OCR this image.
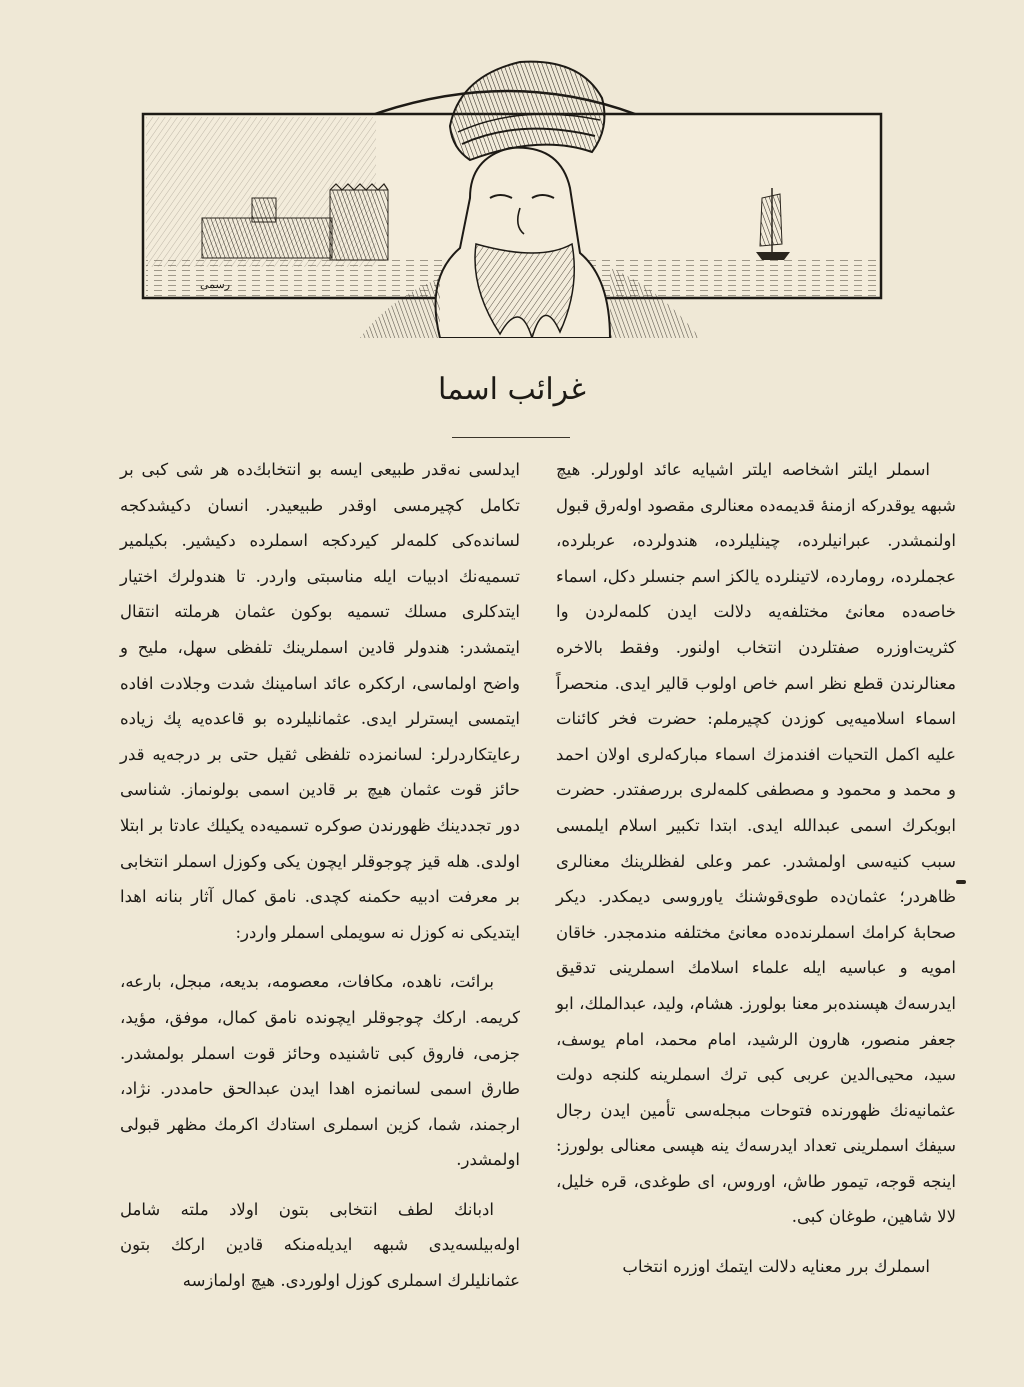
رسمی
غرائب اسما

اسملر ایلتر اشخاصه ایلتر اشیایه عائد اولورلر. هیچ شبهه یوقدرکه ازمنهٔ قدیمه‌ده معنالری مقصود اوله‌رق قبول اولنمشدر. عبرانیلرده، چینلیلرده، هندولرده، عربلرده، عجملرده، رومارده، لاتینلرده یالکز اسم جنسلر دکل، اسماء خاصه‌ده معانئ مختلفه‌یه دلالت ایدن کلمه‌لردن وا کثریت‌اوزره صفتلردن انتخاب اولنور. وفقط بالاخره معنالرندن قطع نظر اسم خاص اولوب قالیر ایدی. منحصراً اسماء اسلامیه‌یی کوزدن کچیرملم: حضرت فخر کائنات علیه اکمل التحیات افندمزك اسماء مبارکه‌لری اولان احمد و محمد و محمود و مصطفی کلمه‌لری بررصفتدر. حضرت ابوبکرك اسمی عبدالله ایدی. ابتدا تکبیر اسلام ایلمسی سبب کنیه‌سی اولمشدر. عمر وعلی لفظلرینك معنالری ظاهردر؛ عثمان‌ده طوی‌قوشنك یاوروسی دیمکدر. دیکر صحابهٔ کرامك اسملرنده‌ده معانئ مختلفه مندمجدر. خاقان امویه و عباسیه ایله علماء اسلامك اسملرینی تدقیق ایدرسه‌ك هپسنده‌بر معنا بولورز. هشام، ولید، عبدالملك، ابو جعفر منصور، هارون الرشید، امام محمد، امام یوسف، سید، محیی‌الدین عربی کبی ترك اسملرینه کلنجه دولت عثمانیه‌نك ظهورنده فتوحات مبجله‌سی تأمین ایدن رجال سیفك اسملرینی تعداد ایدرسه‌ك ینه هپسی معنالی بولورز: اینجه قوجه، تیمور طاش، اوروس، ای طوغدی، قره خلیل، لالا شاهین، طوغان کبی.

اسملرك برر معنایه دلالت ایتمك اوزره انتخاب

ایدلسی نه‌قدر طبیعی ایسه بو انتخابك‌ده هر شی کبی بر تکامل کچیرمسی اوقدر طبیعیدر. انسان دکیشدکجه لسانده‌کی کلمه‌لر کیردکجه اسملرده دکیشیر. بکیلمیر تسمیه‌نك ادبیات ایله مناسبتی واردر. تا هندولرك اختیار ایتدکلری مسلك تسمیه بوکون عثمان هرملته انتقال ایتمشدر: هندولر قادین اسملرینك تلفظی سهل، ملیح و واضح اولماسی، ارککره عائد اسامینك شدت وجلادت افاده ایتمسی ایسترلر ایدی. عثمانلیلرده بو قاعده‌یه پك زیاده رعایتکاردرلر: لسانمزده تلفظی ثقیل حتی بر درجه‌یه قدر حائز قوت عثمان هیچ بر قادین اسمی بولونماز. شناسی دور تجددینك ظهورندن صوکره تسمیه‌ده یکیلك عادتا بر ابتلا اولدی. هله قیز چوجوقلر ایچون یکی وکوزل اسملر انتخابی بر معرفت ادبیه حکمنه کچدی. نامق کمال آثار بنانه اهدا ایتدیکی نه کوزل نه سویملی اسملر واردر:

برائت، ناهده، مکافات، معصومه، بدیعه، مبجل، بارعه، کریمه. ارکك چوجوقلر ایچونده نامق کمال، موفق، مؤید، جزمی، فاروق کبی تاشنیده وحائز قوت اسملر بولمشدر. طارق اسمی لسانمزه اهدا ایدن عبدالحق حامددر. نژاد، ارجمند، شما، کزین اسملری استادك اکرمك مظهر قبولی اولمشدر.

ادبانك لطف انتخابی بتون اولاد ملته شامل اوله‌بیلسه‌یدی شبهه ایدیله‌منکه قادین ارکك بتون عثمانلیلرك اسملری کوزل اولوردی. هیچ اولمازسه
